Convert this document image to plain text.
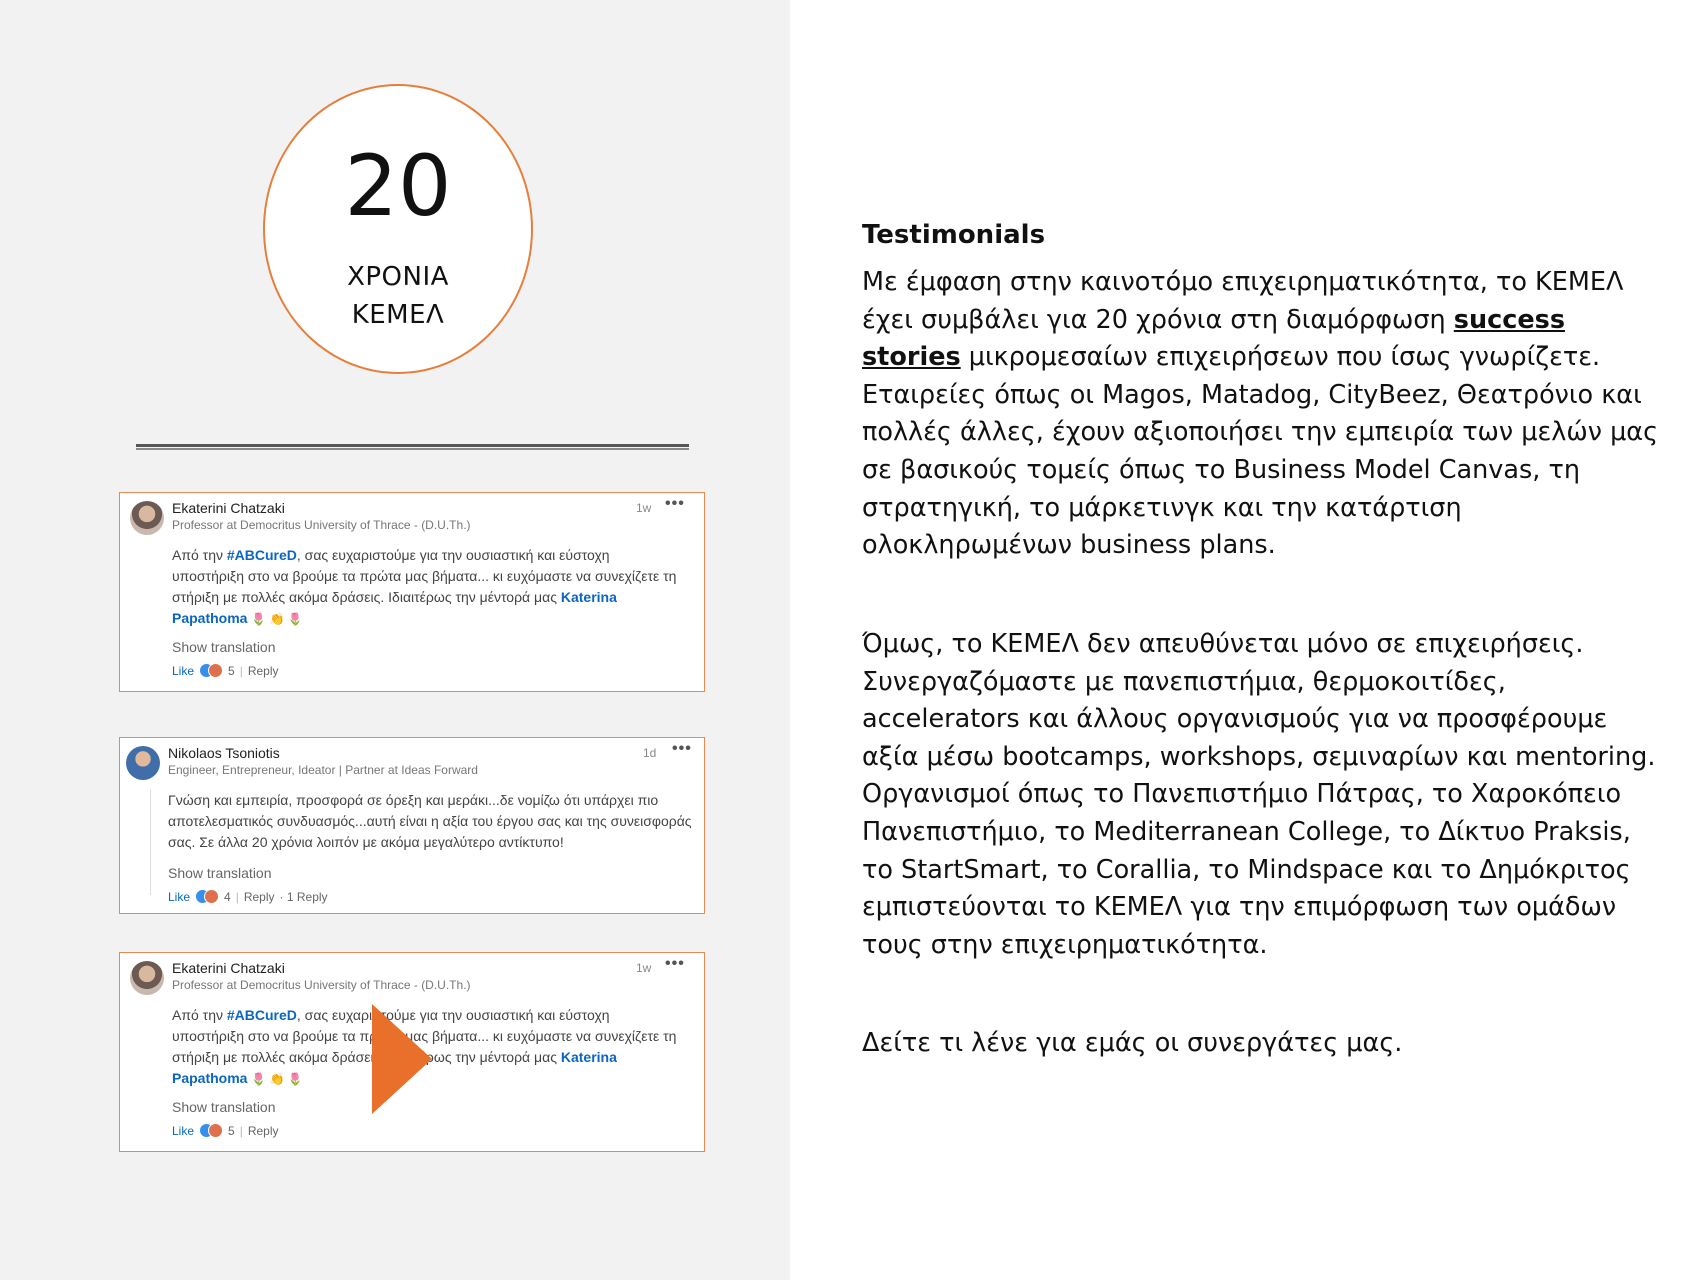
20
ΧΡΟΝΙΑ
ΚΕΜΕΛ
Ekaterini Chatzaki
Professor at Democritus University of Thrace - (D.U.Th.)
1w •••
Από την #ABCureD, σας ευχαριστούμε για την ουσιαστική και εύστοχη υποστήριξη στο να βρούμε τα πρώτα μας βήματα... κι ευχόμαστε να συνεχίζετε τη στήριξη με πολλές ακόμα δράσεις. Ιδιαιτέρως την μέντορά μας Katerina Papathoma 🌷 👏 🌷
Show translation
Like	5 | Reply
Nikolaos Tsoniotis
Engineer, Entrepreneur, Ideator | Partner at Ideas Forward
1d •••
Γνώση και εμπειρία, προσφορά σε όρεξη και μεράκι...δε νομίζω ότι υπάρχει πιο αποτελεσματικός συνδυασμός...αυτή είναι η αξία του έργου σας και της συνεισφοράς σας. Σε άλλα 20 χρόνια λοιπόν με ακόμα μεγαλύτερο αντίκτυπο!
Show translation
Like	4 | Reply · 1 Reply
Ekaterini Chatzaki
Professor at Democritus University of Thrace - (D.U.Th.)
1w •••
Από την #ABCureD, σας ευχαριστούμε για την ουσιαστική και εύστοχη υποστήριξη στο να βρούμε τα πρώτα μας βήματα... κι ευχόμαστε να συνεχίζετε τη στήριξη με πολλές ακόμα δράσεις. Ιδιαιτέρως την μέντορά μας Katerina Papathoma 🌷 👏 🌷
Show translation
Like	5 | Reply
Testimonials
Με έμφαση στην καινοτόμο επιχειρηματικότητα, το ΚΕΜΕΛ έχει συμβάλει για 20 χρόνια στη διαμόρφωση success stories μικρομεσαίων επιχειρήσεων που ίσως γνωρίζετε. Εταιρείες όπως οι Magos, Matadog, CityBeez, Θεατρόνιο και πολλές άλλες, έχουν αξιοποιήσει την εμπειρία των μελών μας σε βασικούς τομείς όπως το Business Model Canvas, τη στρατηγική, το μάρκετινγκ και την κατάρτιση ολοκληρωμένων business plans.
Όμως, το ΚΕΜΕΛ δεν απευθύνεται μόνο σε επιχειρήσεις. Συνεργαζόμαστε με πανεπιστήμια, θερμοκοιτίδες, accelerators και άλλους οργανισμούς για να προσφέρουμε αξία μέσω bootcamps, workshops, σεμιναρίων και mentoring. Οργανισμοί όπως το Πανεπιστήμιο Πάτρας, το Χαροκόπειο Πανεπιστήμιο, το Mediterranean College, το Δίκτυο Praksis, το StartSmart, το Corallia, το Mindspace και το Δημόκριτος εμπιστεύονται το ΚΕΜΕΛ για την επιμόρφωση των ομάδων τους στην επιχειρηματικότητα.
Δείτε τι λένε για εμάς οι συνεργάτες μας.
